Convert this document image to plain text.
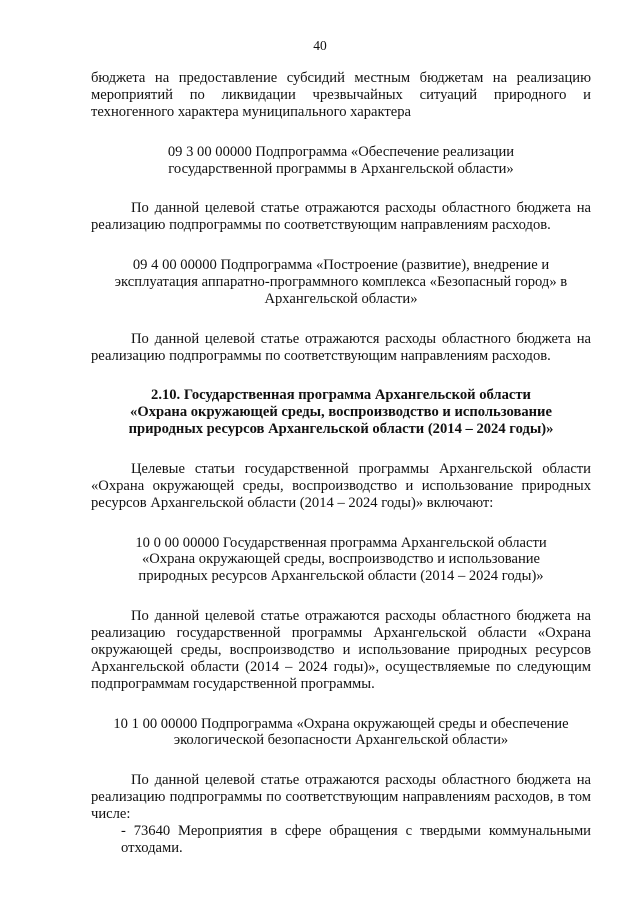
40

бюджета на предоставление субсидий местным бюджетам на реализацию мероприятий по ликвидации чрезвычайных ситуаций природного и техногенного характера муниципального характера

09 3 00 00000 Подпрограмма «Обеспечение реализации
государственной программы в Архангельской области»

По данной целевой статье отражаются расходы областного бюджета на реализацию подпрограммы по соответствующим направлениям расходов.

09 4 00 00000 Подпрограмма «Построение (развитие), внедрение и
эксплуатация аппаратно-программного комплекса «Безопасный город» в
Архангельской области»

По данной целевой статье отражаются расходы областного бюджета на реализацию подпрограммы по соответствующим направлениям расходов.

2.10. Государственная программа Архангельской области
«Охрана окружающей среды, воспроизводство и использование
природных ресурсов Архангельской области (2014 – 2024 годы)»

Целевые статьи государственной программы Архангельской области «Охрана окружающей среды, воспроизводство и использование природных ресурсов Архангельской области (2014 – 2024 годы)» включают:

10 0 00 00000 Государственная программа Архангельской области
«Охрана окружающей среды, воспроизводство и использование
природных ресурсов Архангельской области (2014 – 2024 годы)»

По данной целевой статье отражаются расходы областного бюджета на реализацию государственной программы Архангельской области «Охрана окружающей среды, воспроизводство и использование природных ресурсов Архангельской области (2014 – 2024 годы)», осуществляемые по следующим подпрограммам государственной программы.

10 1 00 00000 Подпрограмма «Охрана окружающей среды и обеспечение
экологической безопасности Архангельской области»

По данной целевой статье отражаются расходы областного бюджета на реализацию подпрограммы по соответствующим направлениям расходов, в том числе:

- 73640 Мероприятия в сфере обращения с твердыми коммунальными отходами.
